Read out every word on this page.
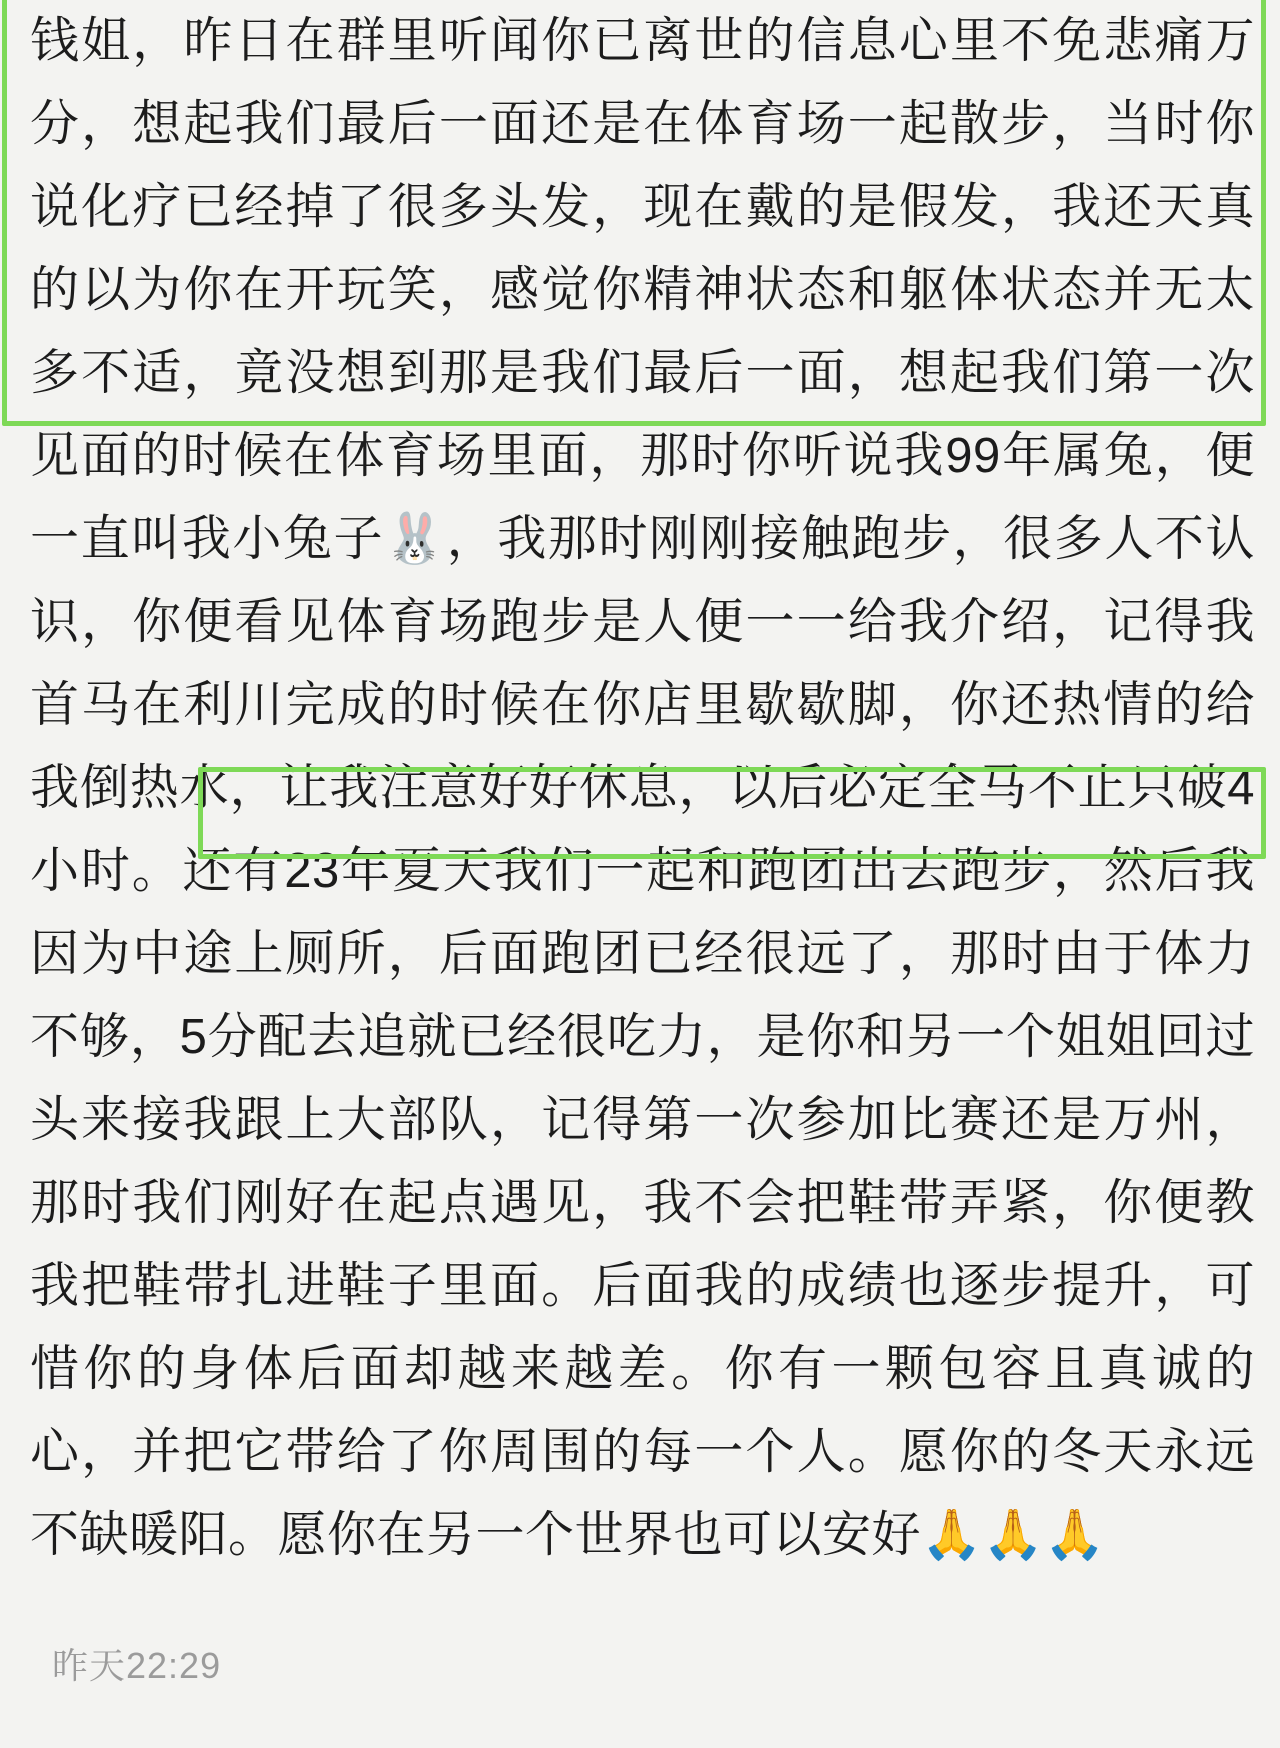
钱姐，昨日在群里听闻你已离世的信息心里不免悲痛万分，想起我们最后一面还是在体育场一起散步，当时你说化疗已经掉了很多头发，现在戴的是假发，我还天真的以为你在开玩笑，感觉你精神状态和躯体状态并无太多不适，竟没想到那是我们最后一面，想起我们第一次见面的时候在体育场里面，那时你听说我99年属兔，便一直叫我小兔子🐰，我那时刚刚接触跑步，很多人不认识，你便看见体育场跑步是人便一一给我介绍，记得我首马在利川完成的时候在你店里歇歇脚，你还热情的给我倒热水，让我注意好好休息，以后必定全马不止只破4小时。还有23年夏天我们一起和跑团出去跑步，然后我因为中途上厕所，后面跑团已经很远了，那时由于体力不够，5分配去追就已经很吃力，是你和另一个姐姐回过头来接我跟上大部队，记得第一次参加比赛还是万州，那时我们刚好在起点遇见，我不会把鞋带弄紧，你便教我把鞋带扎进鞋子里面。后面我的成绩也逐步提升，可惜你的身体后面却越来越差。你有一颗包容且真诚的心，并把它带给了你周围的每一个人。愿你的冬天永远不缺暖阳。愿你在另一个世界也可以安好🙏🙏🙏
昨天22:29
